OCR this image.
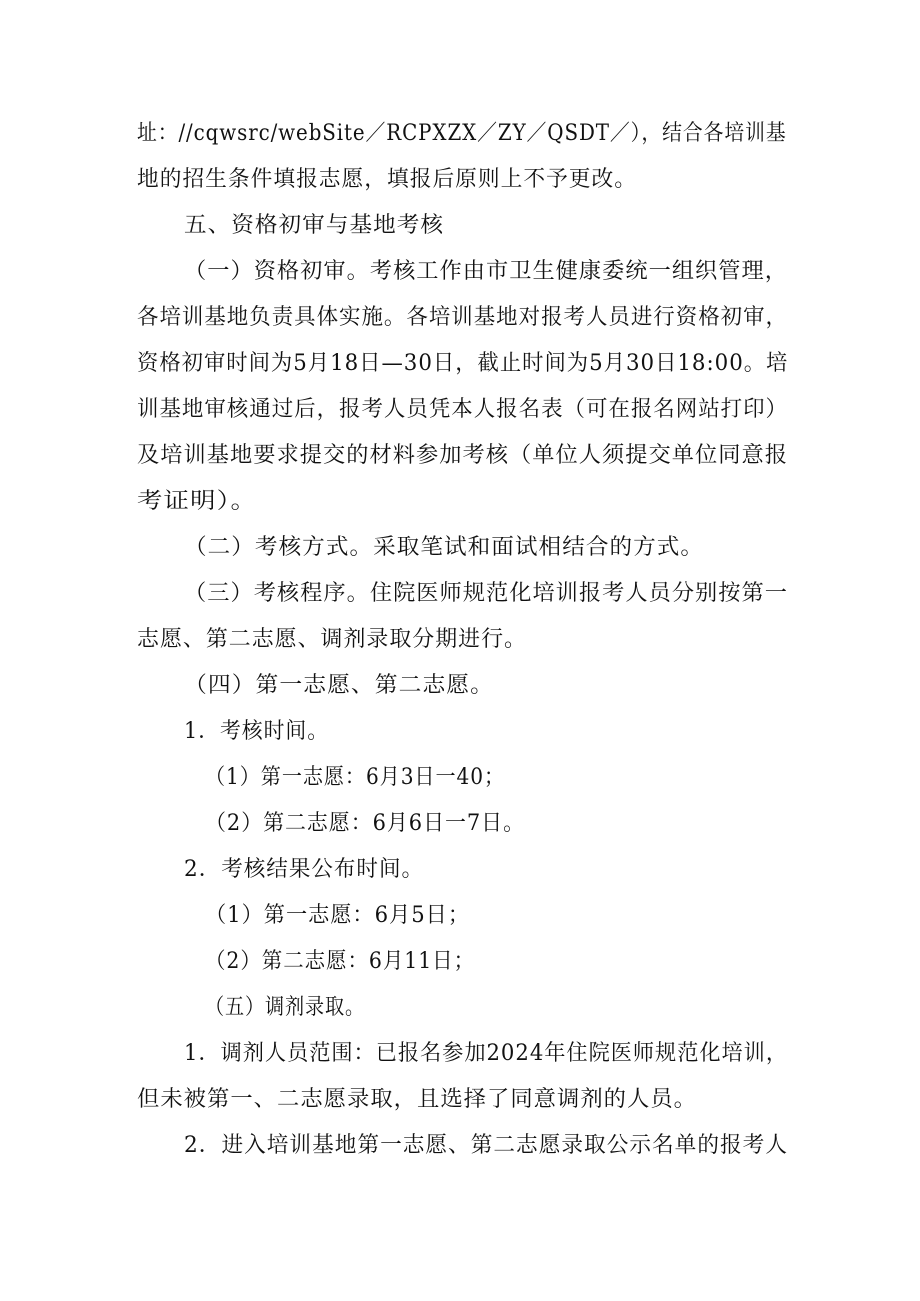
址：//cqwsrc/webSite／RCPXZX／ZY／QSDT／），结合各培训基
地的招生条件填报志愿，填报后原则上不予更改。
五、资格初审与基地考核
（一）资格初审。考核工作由市卫生健康委统一组织管理，
各培训基地负责具体实施。各培训基地对报考人员进行资格初审，
资格初审时间为5月18日—30日，截止时间为5月30日18:00。培
训基地审核通过后，报考人员凭本人报名表（可在报名网站打印）
及培训基地要求提交的材料参加考核（单位人须提交单位同意报
考证明）。
（二）考核方式。采取笔试和面试相结合的方式。
（三）考核程序。住院医师规范化培训报考人员分别按第一
志愿、第二志愿、调剂录取分期进行。
（四）第一志愿、第二志愿。
1．考核时间。
（1）第一志愿：6月3日一40；
（2）第二志愿：6月6日一7日。
2．考核结果公布时间。
（1）第一志愿：6月5日；
（2）第二志愿：6月11日；
（五）调剂录取。
1．调剂人员范围：已报名参加2024年住院医师规范化培训，
但未被第一、二志愿录取，且选择了同意调剂的人员。
2．进入培训基地第一志愿、第二志愿录取公示名单的报考人
